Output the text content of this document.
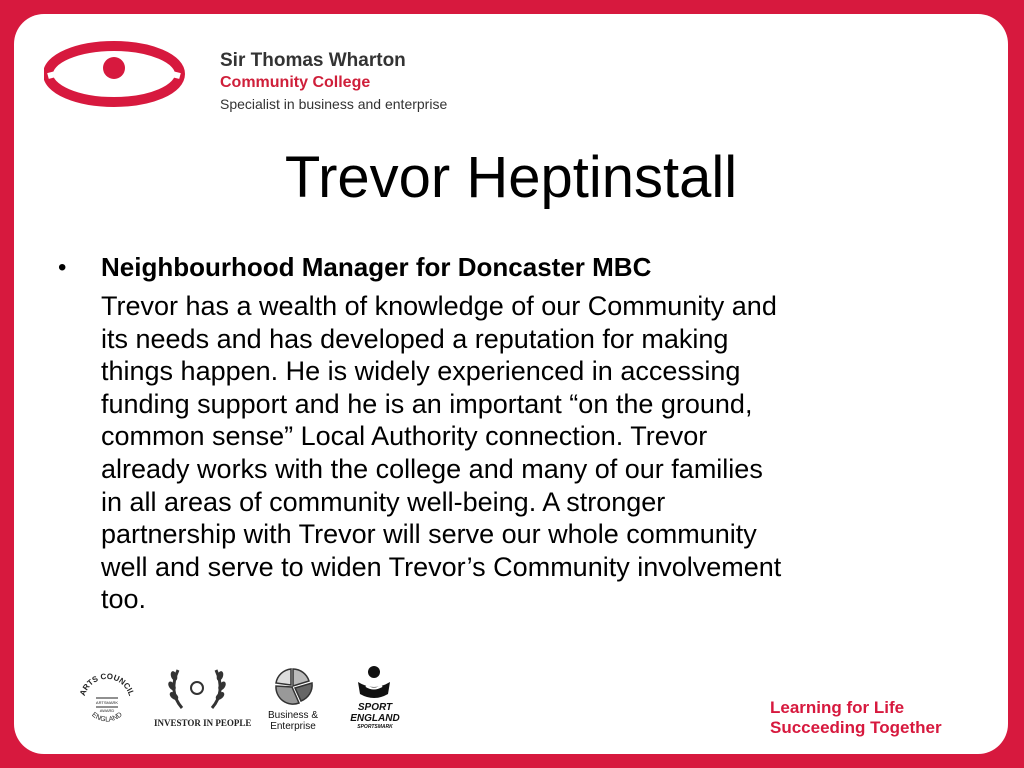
Sir Thomas Wharton
Community College
Specialist in business and enterprise
Trevor Heptinstall
• Neighbourhood Manager for Doncaster MBC
Trevor has a wealth of knowledge of our Community and
its needs and has developed a reputation for making
things happen. He is widely experienced in accessing
funding support and he is an important “on the ground,
common sense” Local Authority connection. Trevor
already works with the college and many of our families
in all areas of community well-being. A stronger
partnership with Trevor will serve our whole community
well and serve to widen Trevor’s Community involvement
too.
ARTS COUNCIL
ENGLAND
ARTSMARK
AWARD
INVESTOR IN PEOPLE
Business &
Enterprise
SPORT
ENGLAND
SPORTSMARK
Learning for Life
Succeeding Together
